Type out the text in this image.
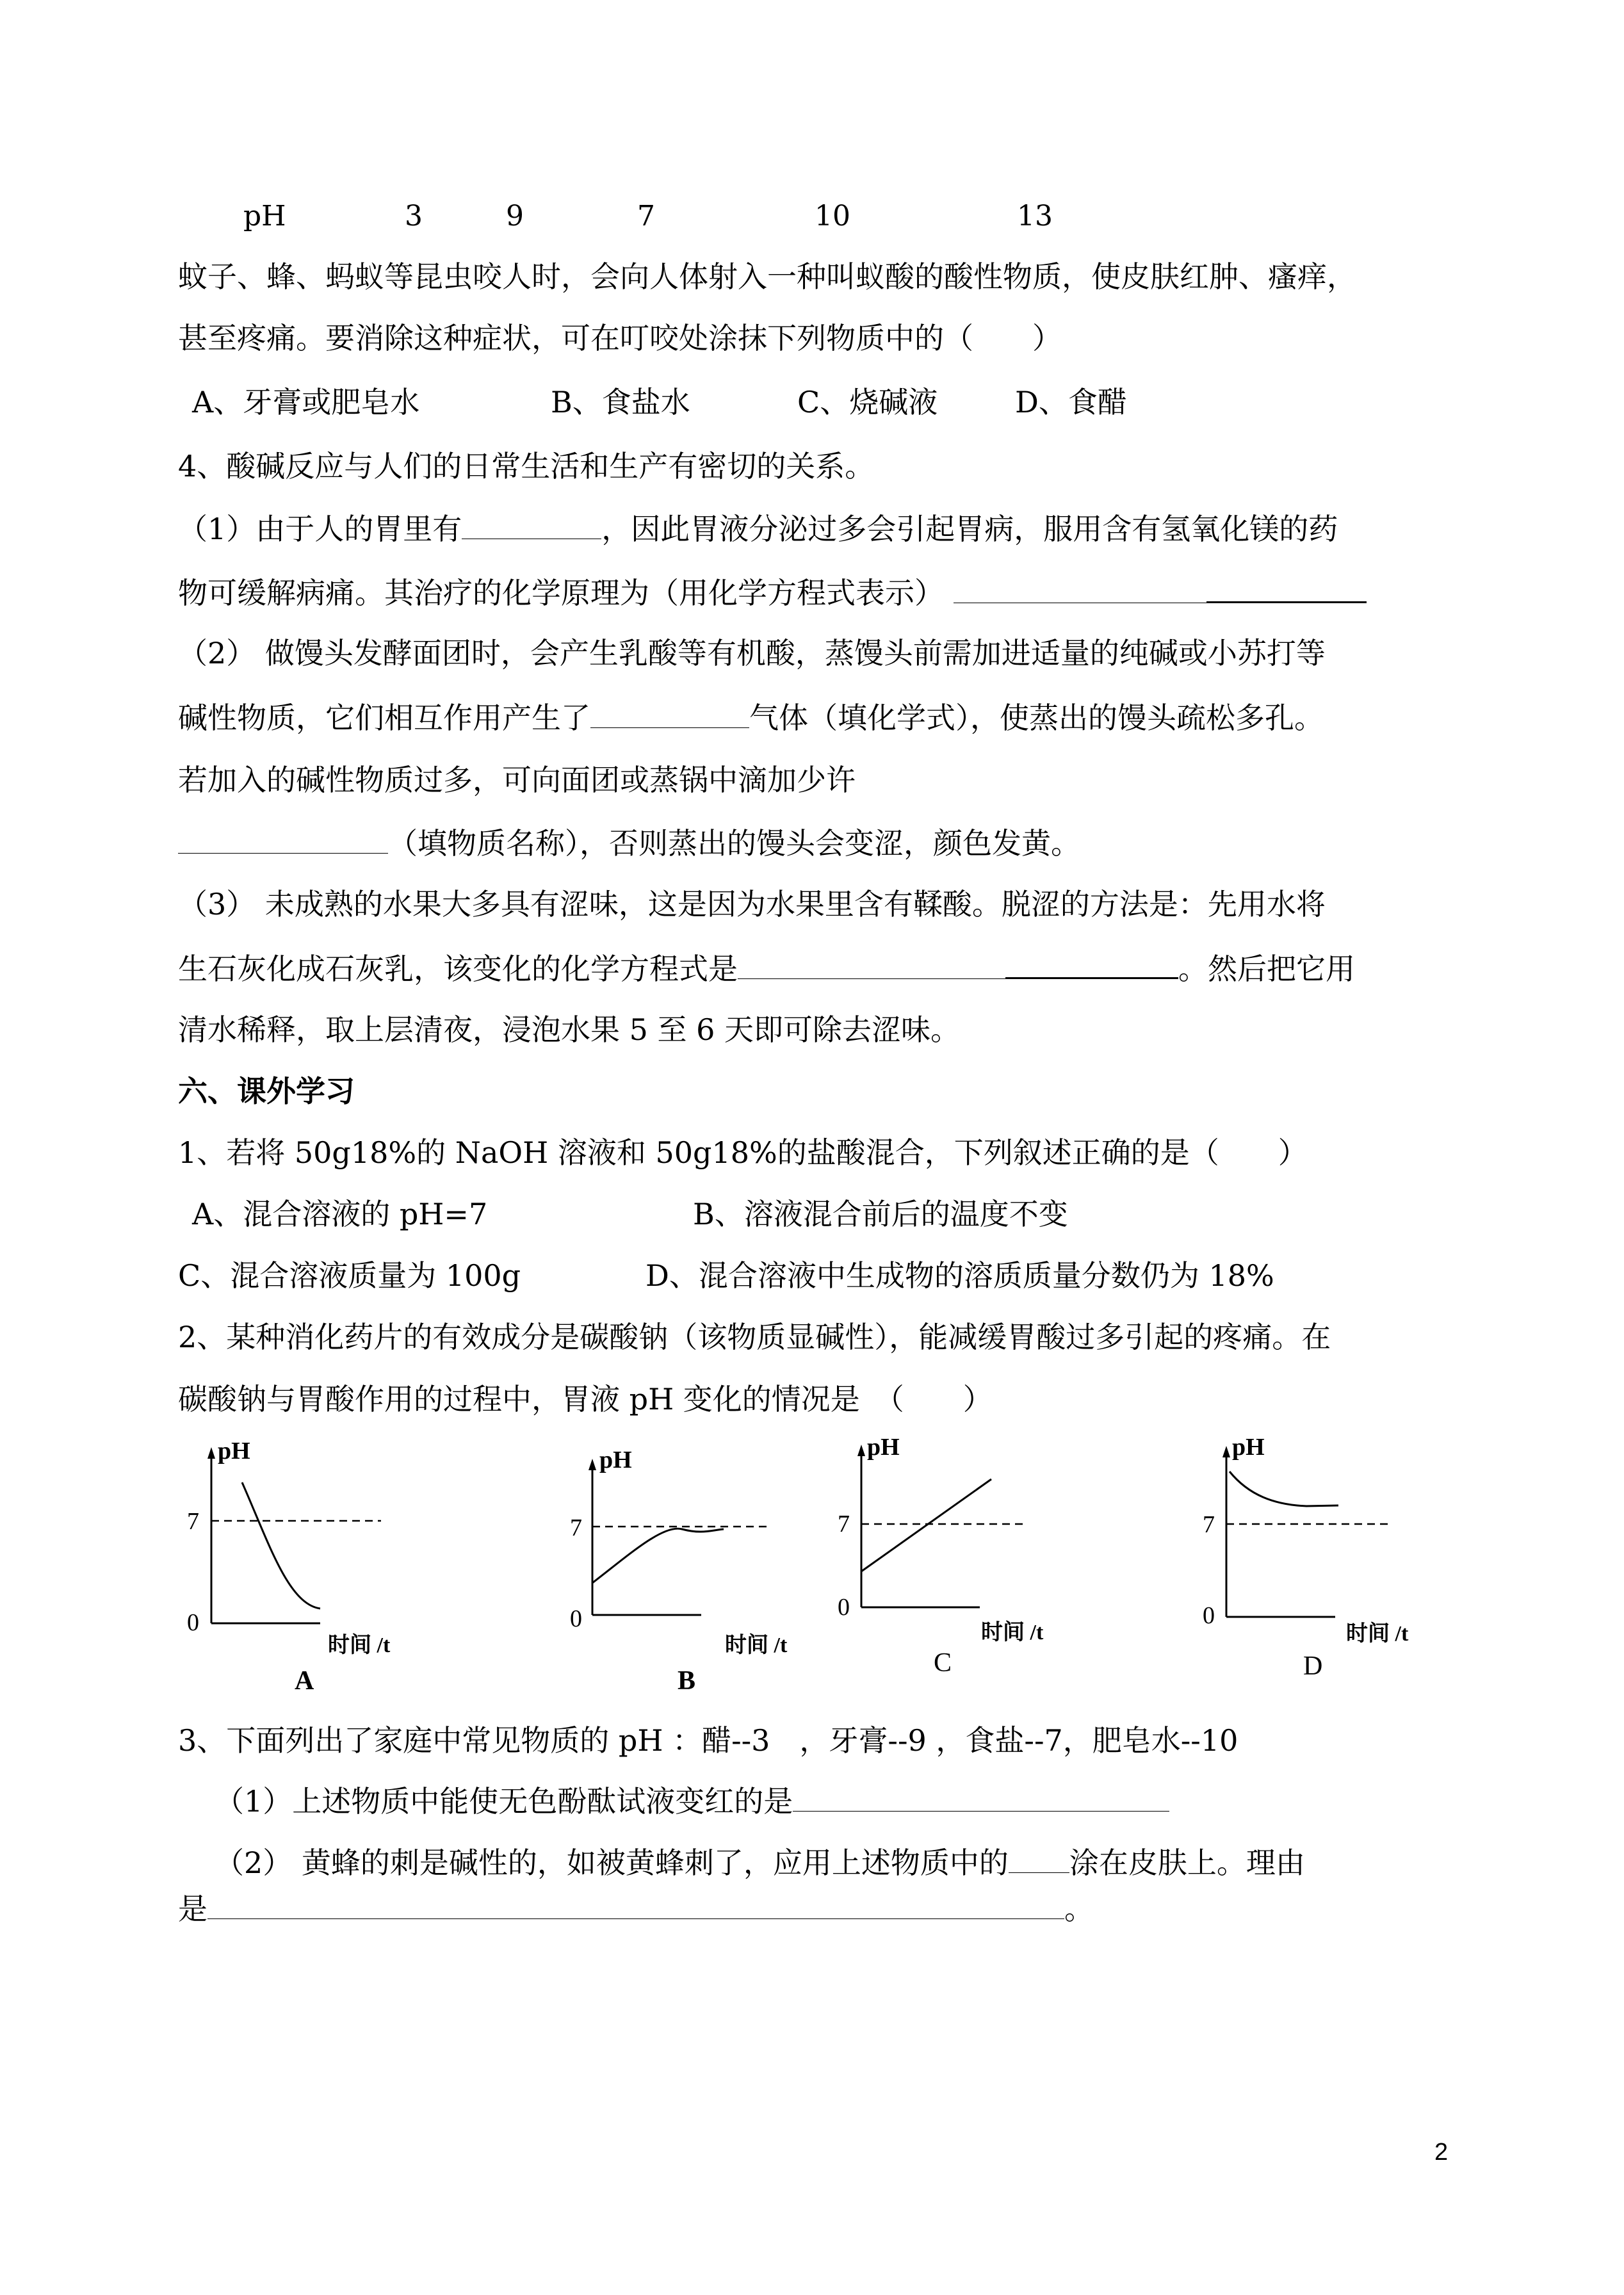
pH	3	9	7	10	13
蚊子、蜂、蚂蚁等昆虫咬人时，会向人体射入一种叫蚁酸的酸性物质，使皮肤红肿、瘙痒，
甚至疼痛。要消除这种症状，可在叮咬处涂抹下列物质中的（　　）
A、牙膏或肥皂水	B、食盐水	C、烧碱液	D、食醋
4、酸碱反应与人们的日常生活和生产有密切的关系。
（1）由于人的胃里有	，因此胃液分泌过多会引起胃病，服用含有氢氧化镁的药
物可缓解病痛。其治疗的化学原理为（用化学方程式表示）
（2） 做馒头发酵面团时，会产生乳酸等有机酸，蒸馒头前需加进适量的纯碱或小苏打等
碱性物质，它们相互作用产生了	气体（填化学式），使蒸出的馒头疏松多孔。
若加入的碱性物质过多，可向面团或蒸锅中滴加少许
（填物质名称），否则蒸出的馒头会变涩，颜色发黄。
（3） 未成熟的水果大多具有涩味，这是因为水果里含有鞣酸。脱涩的方法是：先用水将
生石灰化成石灰乳，该变化的化学方程式是	。然后把它用
清水稀释，取上层清夜，浸泡水果 5 至 6 天即可除去涩味。
六、课外学习
1、若将 50g18%的 NaOH 溶液和 50g18%的盐酸混合，下列叙述正确的是（　　）
A、混合溶液的 pH=7	B、溶液混合前后的温度不变
C、混合溶液质量为 100g	D、混合溶液中生成物的溶质质量分数仍为 18%
2、某种消化药片的有效成分是碳酸钠（该物质显碱性），能减缓胃酸过多引起的疼痛。在
碳酸钠与胃酸作用的过程中，胃液 pH 变化的情况是　（　　）
pH
7
0
时间 /t
A
pH
7
0
时间 /t
B
pH
7
0
时间 /t
C
pH
7
0
时间 /t
D
3、下面列出了家庭中常见物质的 pH ：醋--3　，牙膏--9 ，食盐--7，肥皂水--10
（1）上述物质中能使无色酚酞试液变红的是
（2） 黄蜂的刺是碱性的，如被黄蜂刺了，应用上述物质中的 涂在皮肤上。理由
是	。
2
